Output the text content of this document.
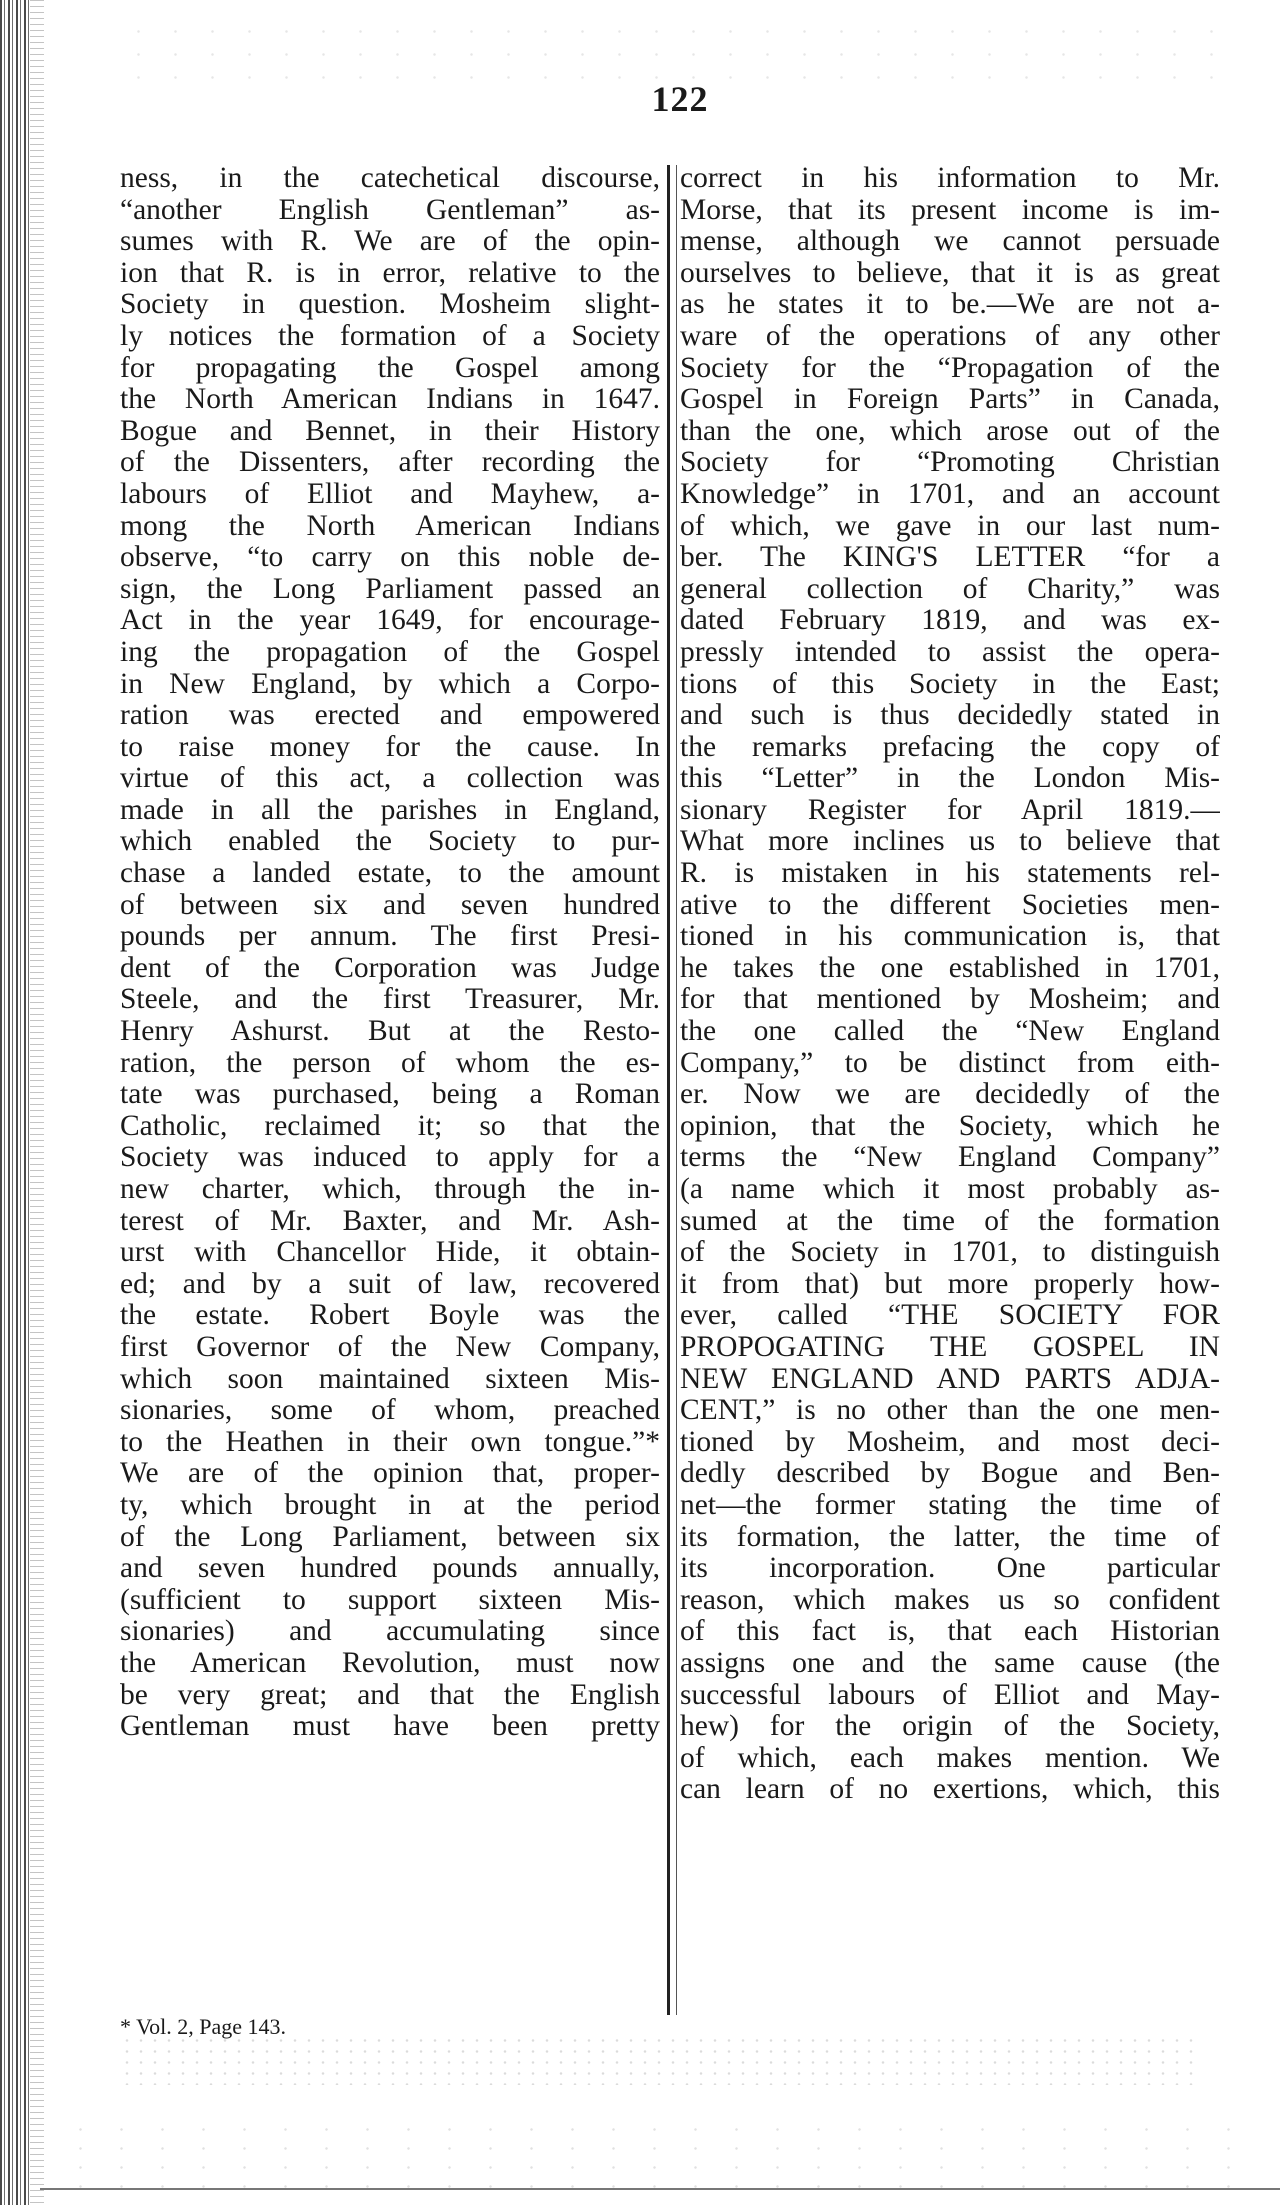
122
ness, in the catechetical discourse,
“another English Gentleman” as-
sumes with R. We are of the opin-
ion that R. is in error, relative to the
Society in question. Mosheim slight-
ly notices the formation of a Society
for propagating the Gospel among
the North American Indians in 1647.
Bogue and Bennet, in their History
of the Dissenters, after recording the
labours of Elliot and Mayhew, a-
mong the North American Indians
observe, “to carry on this noble de-
sign, the Long Parliament passed an
Act in the year 1649, for encourage-
ing the propagation of the Gospel
in New England, by which a Corpo-
ration was erected and empowered
to raise money for the cause. In
virtue of this act, a collection was
made in all the parishes in England,
which enabled the Society to pur-
chase a landed estate, to the amount
of between six and seven hundred
pounds per annum. The first Presi-
dent of the Corporation was Judge
Steele, and the first Treasurer, Mr.
Henry Ashurst. But at the Resto-
ration, the person of whom the es-
tate was purchased, being a Roman
Catholic, reclaimed it; so that the
Society was induced to apply for a
new charter, which, through the in-
terest of Mr. Baxter, and Mr. Ash-
urst with Chancellor Hide, it obtain-
ed; and by a suit of law, recovered
the estate. Robert Boyle was the
first Governor of the New Company,
which soon maintained sixteen Mis-
sionaries, some of whom, preached
to the Heathen in their own tongue.”*
We are of the opinion that, proper-
ty, which brought in at the period
of the Long Parliament, between six
and seven hundred pounds annually,
(sufficient to support sixteen Mis-
sionaries) and accumulating since
the American Revolution, must now
be very great; and that the English
Gentleman must have been pretty
correct in his information to Mr.
Morse, that its present income is im-
mense, although we cannot persuade
ourselves to believe, that it is as great
as he states it to be.—We are not a-
ware of the operations of any other
Society for the “Propagation of the
Gospel in Foreign Parts” in Canada,
than the one, which arose out of the
Society for “Promoting Christian
Knowledge” in 1701, and an account
of which, we gave in our last num-
ber. The KING'S LETTER “for a
general collection of Charity,” was
dated February 1819, and was ex-
pressly intended to assist the opera-
tions of this Society in the East;
and such is thus decidedly stated in
the remarks prefacing the copy of
this “Letter” in the London Mis-
sionary Register for April 1819.—
What more inclines us to believe that
R. is mistaken in his statements rel-
ative to the different Societies men-
tioned in his communication is, that
he takes the one established in 1701,
for that mentioned by Mosheim; and
the one called the “New England
Company,” to be distinct from eith-
er. Now we are decidedly of the
opinion, that the Society, which he
terms the “New England Company”
(a name which it most probably as-
sumed at the time of the formation
of the Society in 1701, to distinguish
it from that) but more properly how-
ever, called “THE SOCIETY FOR
PROPOGATING THE GOSPEL IN
NEW ENGLAND AND PARTS ADJA-
CENT,” is no other than the one men-
tioned by Mosheim, and most deci-
dedly described by Bogue and Ben-
net—the former stating the time of
its formation, the latter, the time of
its incorporation. One particular
reason, which makes us so confident
of this fact is, that each Historian
assigns one and the same cause (the
successful labours of Elliot and May-
hew) for the origin of the Society,
of which, each makes mention. We
can learn of no exertions, which, this
* Vol. 2, Page 143.
